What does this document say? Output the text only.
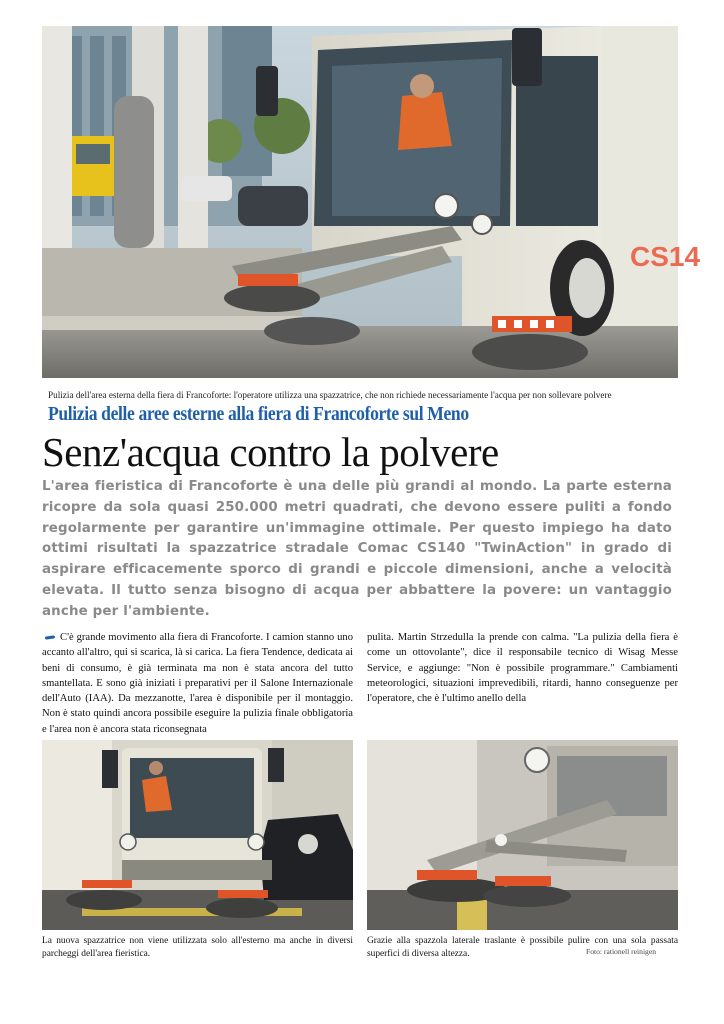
CS14
Pulizia dell'area esterna della fiera di Francoforte: l'operatore utilizza una spazzatrice, che non richiede necessariamente l'acqua per non sollevare polvere
Pulizia delle aree esterne alla fiera di Francoforte sul Meno
Senz'acqua contro la polvere

L'area fieristica di Francoforte è una delle più grandi al mondo. La parte esterna ricopre da sola quasi 250.000 metri quadrati, che devono essere puliti a fondo regolarmente per garantire un'immagine ottimale. Per questo impiego ha dato ottimi risultati la spazzatrice stradale Comac CS140 "TwinAction" in grado di aspirare efficacemente sporco di grandi e piccole dimensioni, anche a velocità elevata. Il tutto senza bisogno di acqua per abbattere la povere: un vantaggio anche per l'ambiente.

C'è grande movimento alla fiera di Francoforte. I camion stanno uno accanto all'altro, qui si scarica, là si carica. La fiera Tendence, dedicata ai beni di consumo, è già terminata ma non è stata ancora del tutto smantellata. E sono già iniziati i preparativi per il Salone Internazionale dell'Auto (IAA). Da mezzanotte, l'area è disponibile per il montaggio. Non è stato quindi ancora possibile eseguire la pulizia finale obbligatoria e l'area non è ancora stata riconsegnata
pulita. Martin Strzedulla la prende con calma. "La pulizia della fiera è come un ottovolante", dice il responsabile tecnico di Wisag Messe Service, e aggiunge: "Non è possibile programmare." Cambiamenti meteorologici, situazioni imprevedibili, ritardi, hanno conseguenze per l'operatore, che è l'ultimo anello della
La nuova spazzatrice non viene utilizzata solo all'esterno ma anche in diversi parcheggi dell'area fieristica.
Grazie alla spazzola laterale traslante è possibile pulire con una sola passata superfici di diversa altezza.	Foto: rationell reinigen
